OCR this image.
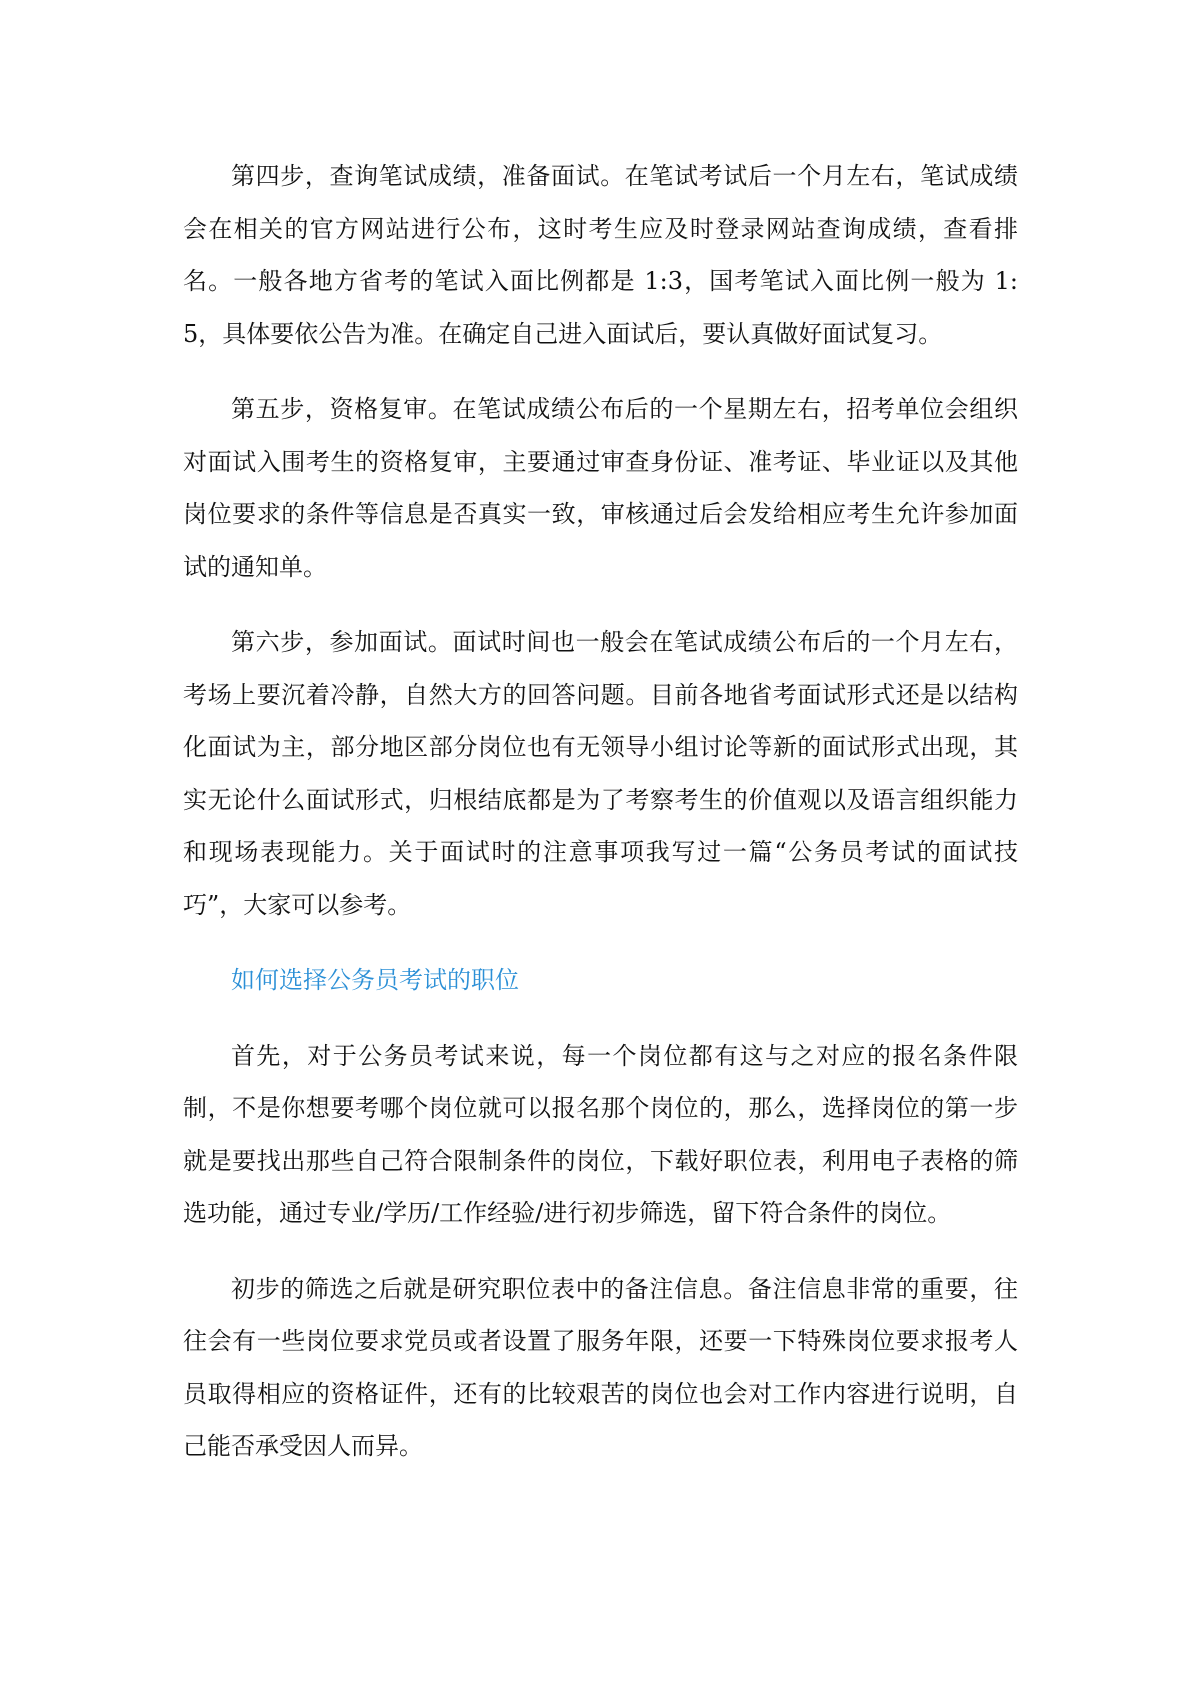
第四步，查询笔试成绩，准备面试。在笔试考试后一个月左右，笔试成绩会在相关的官方网站进行公布，这时考生应及时登录网站查询成绩，查看排名。一般各地方省考的笔试入面比例都是 1:3，国考笔试入面比例一般为 1:5，具体要依公告为准。在确定自己进入面试后，要认真做好面试复习。

第五步，资格复审。在笔试成绩公布后的一个星期左右，招考单位会组织对面试入围考生的资格复审，主要通过审查身份证、准考证、毕业证以及其他岗位要求的条件等信息是否真实一致，审核通过后会发给相应考生允许参加面试的通知单。

第六步，参加面试。面试时间也一般会在笔试成绩公布后的一个月左右，考场上要沉着冷静，自然大方的回答问题。目前各地省考面试形式还是以结构化面试为主，部分地区部分岗位也有无领导小组讨论等新的面试形式出现，其实无论什么面试形式，归根结底都是为了考察考生的价值观以及语言组织能力和现场表现能力。关于面试时的注意事项我写过一篇“公务员考试的面试技巧”，大家可以参考。

如何选择公务员考试的职位

首先，对于公务员考试来说，每一个岗位都有这与之对应的报名条件限制，不是你想要考哪个岗位就可以报名那个岗位的，那么，选择岗位的第一步就是要找出那些自己符合限制条件的岗位，下载好职位表，利用电子表格的筛选功能，通过专业/学历/工作经验/进行初步筛选，留下符合条件的岗位。

初步的筛选之后就是研究职位表中的备注信息。备注信息非常的重要，往往会有一些岗位要求党员或者设置了服务年限，还要一下特殊岗位要求报考人员取得相应的资格证件，还有的比较艰苦的岗位也会对工作内容进行说明，自己能否承受因人而异。
